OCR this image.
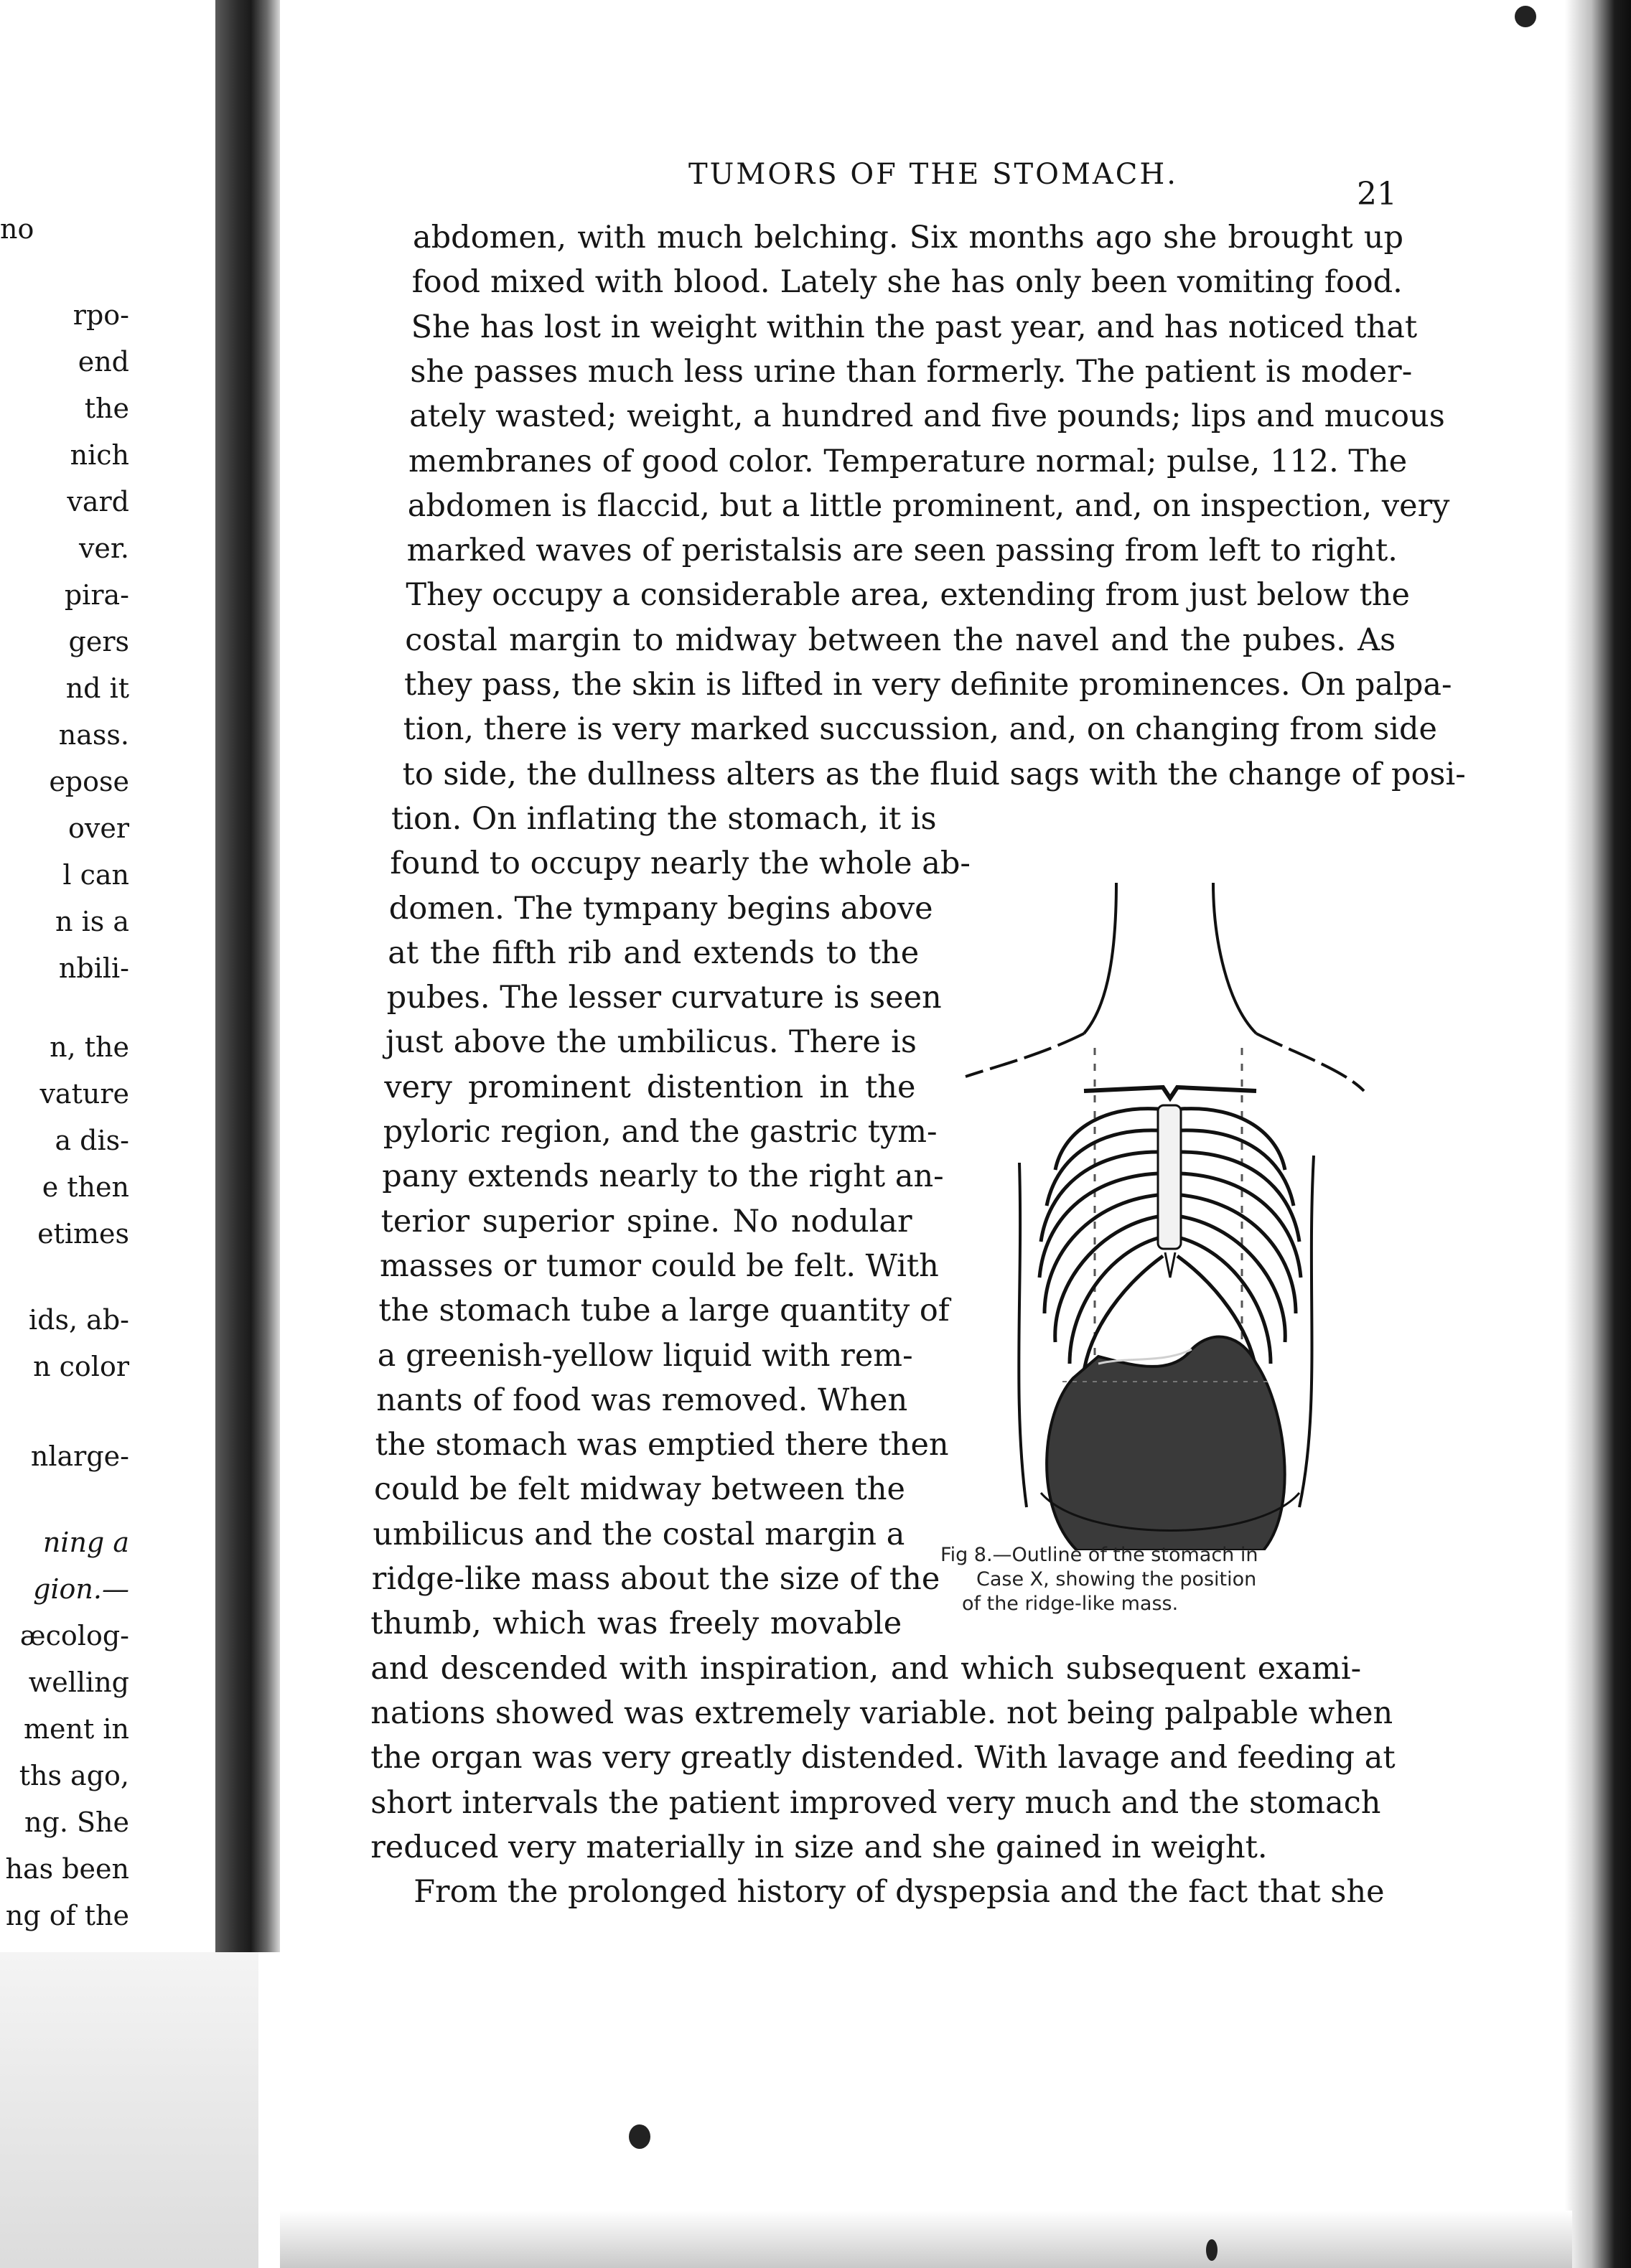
no
rpo-
end
the
nich
vard
ver.
pira-
gers
nd it
nass.
epose
over
l can
n is a
nbili-
n, the
vature
a dis-
e then
etimes
ids, ab-
n color
nlarge-
ning a
gion.—
æcolog-
welling
ment in
ths ago,
ng. She
has been
ng of the
TUMORS OF THE STOMACH.
21
abdomen, with much belching. Six months ago she brought up
food mixed with blood. Lately she has only been vomiting food.
She has lost in weight within the past year, and has noticed that
she passes much less urine than formerly. The patient is moder-
ately wasted; weight, a hundred and five pounds; lips and mucous
membranes of good color. Temperature normal; pulse, 112. The
abdomen is flaccid, but a little prominent, and, on inspection, very
marked waves of peristalsis are seen passing from left to right.
They occupy a considerable area, extending from just below the
costal margin to midway between the navel and the pubes. As
they pass, the skin is lifted in very definite prominences. On palpa-
tion, there is very marked succussion, and, on changing from side
to side, the dullness alters as the fluid sags with the change of posi-
tion. On inflating the stomach, it is
found to occupy nearly the whole ab-
domen. The tympany begins above
at the fifth rib and extends to the
pubes. The lesser curvature is seen
just above the umbilicus. There is
very prominent distention in the
pyloric region, and the gastric tym-
pany extends nearly to the right an-
terior superior spine. No nodular
masses or tumor could be felt. With
the stomach tube a large quantity of
a greenish-yellow liquid with rem-
nants of food was removed. When
the stomach was emptied there then
could be felt midway between the
umbilicus and the costal margin a
ridge-like mass about the size of the
thumb, which was freely movable
and descended with inspiration, and which subsequent exami-
nations showed was extremely variable. not being palpable when
the organ was very greatly distended. With lavage and feeding at
short intervals the patient improved very much and the stomach
reduced very materially in size and she gained in weight.
From the prolonged history of dyspepsia and the fact that she
Fig 8.—Outline of the stomach in
Case X, showing the position
of the ridge-like mass.
